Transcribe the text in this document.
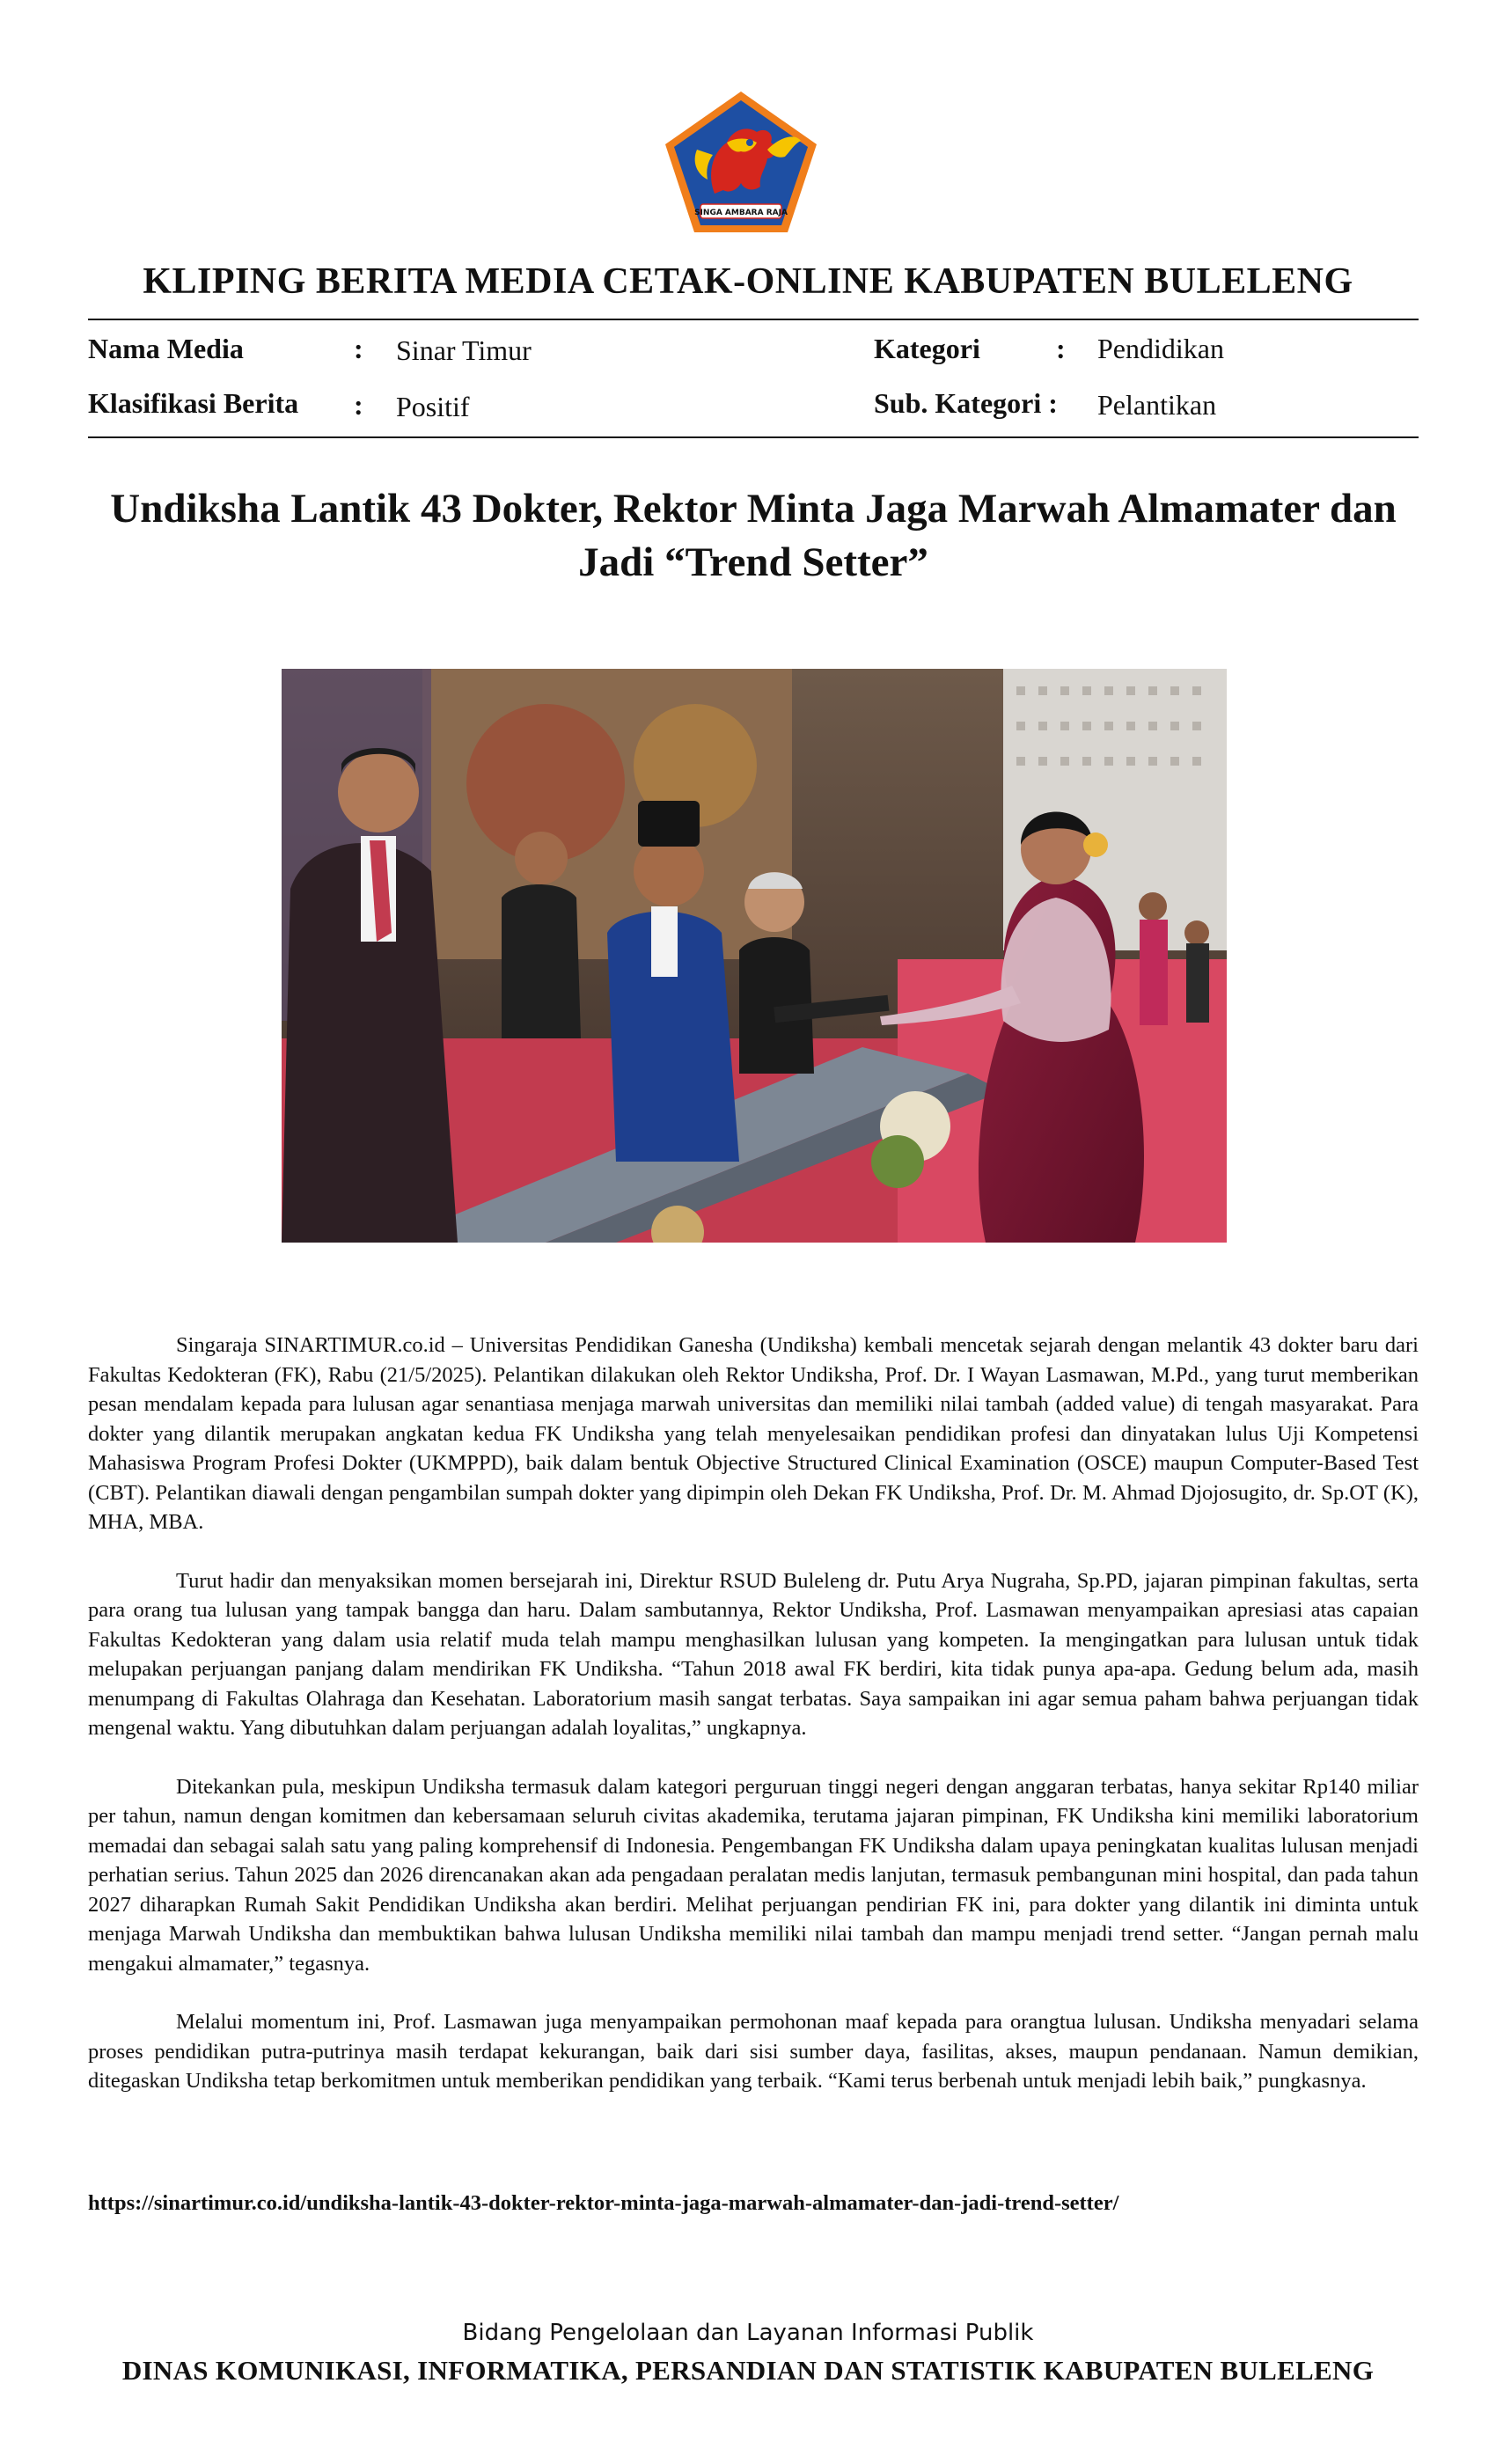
SINGA AMBARA RAJA
KLIPING BERITA MEDIA CETAK-ONLINE KABUPATEN BULELENG
Nama Media	: Sinar Timur	Kategori	: Pendidikan
Klasifikasi Berita : Positif	Sub. Kategori : Pelantikan
Undiksha Lantik 43 Dokter, Rektor Minta Jaga Marwah Almamater dan
Jadi “Trend Setter”

Singaraja SINARTIMUR.co.id – Universitas Pendidikan Ganesha (Undiksha) kembali mencetak sejarah dengan melantik 43 dokter baru dari Fakultas Kedokteran (FK), Rabu (21/5/2025). Pelantikan dilakukan oleh Rektor Undiksha, Prof. Dr. I Wayan Lasmawan, M.Pd., yang turut memberikan pesan mendalam kepada para lulusan agar senantiasa menjaga marwah universitas dan memiliki nilai tambah (added value) di tengah masyarakat. Para dokter yang dilantik merupakan angkatan kedua FK Undiksha yang telah menyelesaikan pendidikan profesi dan dinyatakan lulus Uji Kompetensi Mahasiswa Program Profesi Dokter (UKMPPD), baik dalam bentuk Objective Structured Clinical Examination (OSCE) maupun Computer-Based Test (CBT). Pelantikan diawali dengan pengambilan sumpah dokter yang dipimpin oleh Dekan FK Undiksha, Prof. Dr. M. Ahmad Djojosugito, dr. Sp.OT (K), MHA, MBA.

Turut hadir dan menyaksikan momen bersejarah ini, Direktur RSUD Buleleng dr. Putu Arya Nugraha, Sp.PD, jajaran pimpinan fakultas, serta para orang tua lulusan yang tampak bangga dan haru. Dalam sambutannya, Rektor Undiksha, Prof. Lasmawan menyampaikan apresiasi atas capaian Fakultas Kedokteran yang dalam usia relatif muda telah mampu menghasilkan lulusan yang kompeten. Ia mengingatkan para lulusan untuk tidak melupakan perjuangan panjang dalam mendirikan FK Undiksha. “Tahun 2018 awal FK berdiri, kita tidak punya apa-apa. Gedung belum ada, masih menumpang di Fakultas Olahraga dan Kesehatan. Laboratorium masih sangat terbatas. Saya sampaikan ini agar semua paham bahwa perjuangan tidak mengenal waktu. Yang dibutuhkan dalam perjuangan adalah loyalitas,” ungkapnya.

Ditekankan pula, meskipun Undiksha termasuk dalam kategori perguruan tinggi negeri dengan anggaran terbatas, hanya sekitar Rp140 miliar per tahun, namun dengan komitmen dan kebersamaan seluruh civitas akademika, terutama jajaran pimpinan, FK Undiksha kini memiliki laboratorium memadai dan sebagai salah satu yang paling komprehensif di Indonesia. Pengembangan FK Undiksha dalam upaya peningkatan kualitas lulusan menjadi perhatian serius. Tahun 2025 dan 2026 direncanakan akan ada pengadaan peralatan medis lanjutan, termasuk pembangunan mini hospital, dan pada tahun 2027 diharapkan Rumah Sakit Pendidikan Undiksha akan berdiri. Melihat perjuangan pendirian FK ini, para dokter yang dilantik ini diminta untuk menjaga Marwah Undiksha dan membuktikan bahwa lulusan Undiksha memiliki nilai tambah dan mampu menjadi trend setter. “Jangan pernah malu mengakui almamater,” tegasnya.

Melalui momentum ini, Prof. Lasmawan juga menyampaikan permohonan maaf kepada para orangtua lulusan. Undiksha menyadari selama proses pendidikan putra-putrinya masih terdapat kekurangan, baik dari sisi sumber daya, fasilitas, akses, maupun pendanaan. Namun demikian, ditegaskan Undiksha tetap berkomitmen untuk memberikan pendidikan yang terbaik. “Kami terus berbenah untuk menjadi lebih baik,” pungkasnya.

https://sinartimur.co.id/undiksha-lantik-43-dokter-rektor-minta-jaga-marwah-almamater-dan-jadi-trend-setter/
Bidang Pengelolaan dan Layanan Informasi Publik
DINAS KOMUNIKASI, INFORMATIKA, PERSANDIAN DAN STATISTIK KABUPATEN BULELENG
